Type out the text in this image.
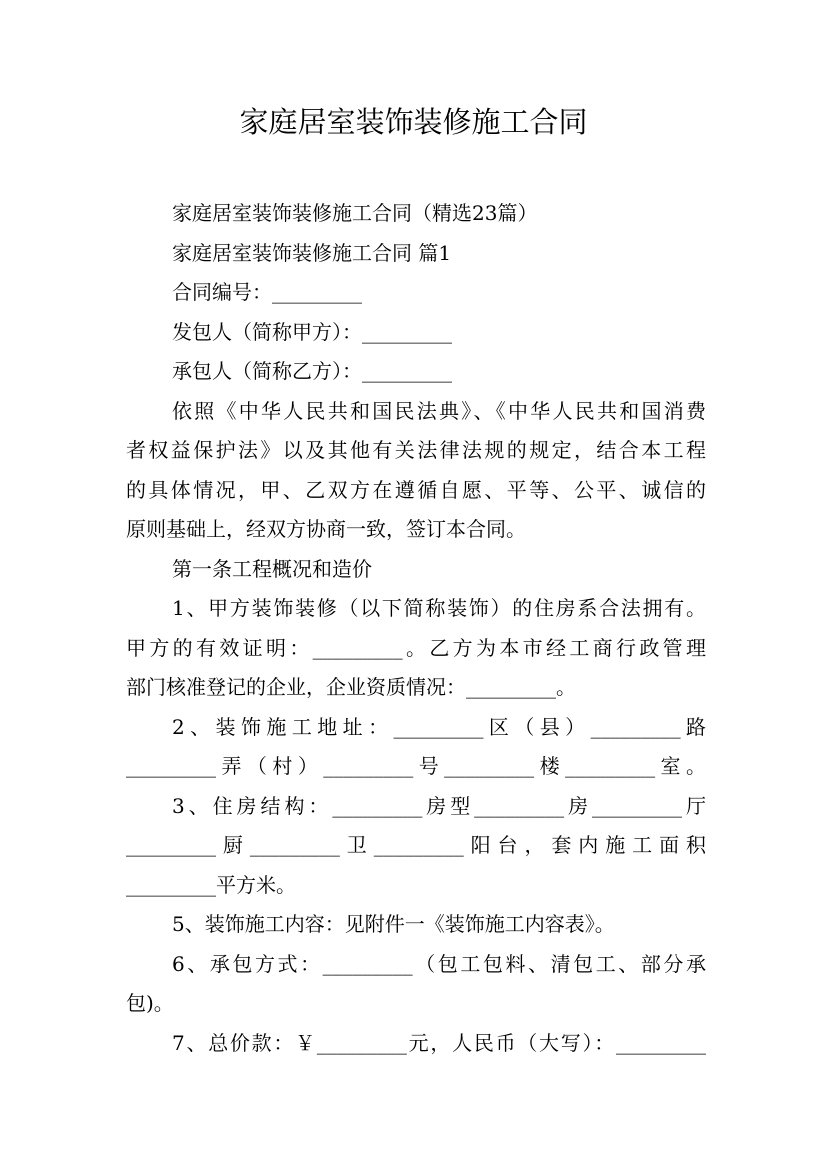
家庭居室装饰装修施工合同
家庭居室装饰装修施工合同（精选23篇）
家庭居室装饰装修施工合同 篇1
合同编号：_________
发包人（简称甲方）：_________
承包人（简称乙方）：_________
依照《中华人民共和国民法典》、《中华人民共和国消费
者权益保护法》以及其他有关法律法规的规定，结合本工程
的具体情况，甲、乙双方在遵循自愿、平等、公平、诚信的
原则基础上，经双方协商一致，签订本合同。
第一条工程概况和造价
1、甲方装饰装修（以下简称装饰）的住房系合法拥有。
甲方的有效证明：_________。乙方为本市经工商行政管理
部门核准登记的企业，企业资质情况：_________。
2、装饰施工地址：_________区（县）_________路
_________弄（村）_________号_________楼_________室。
3、住房结构：_________房型_________房_________厅
_________厨_________卫_________阳台，套内施工面积
_________平方米。
5、装饰施工内容：见附件一《装饰施工内容表》。
6、承包方式：_________（包工包料、清包工、部分承
包)。
7、总价款：￥_________元，人民币（大写）：_________
